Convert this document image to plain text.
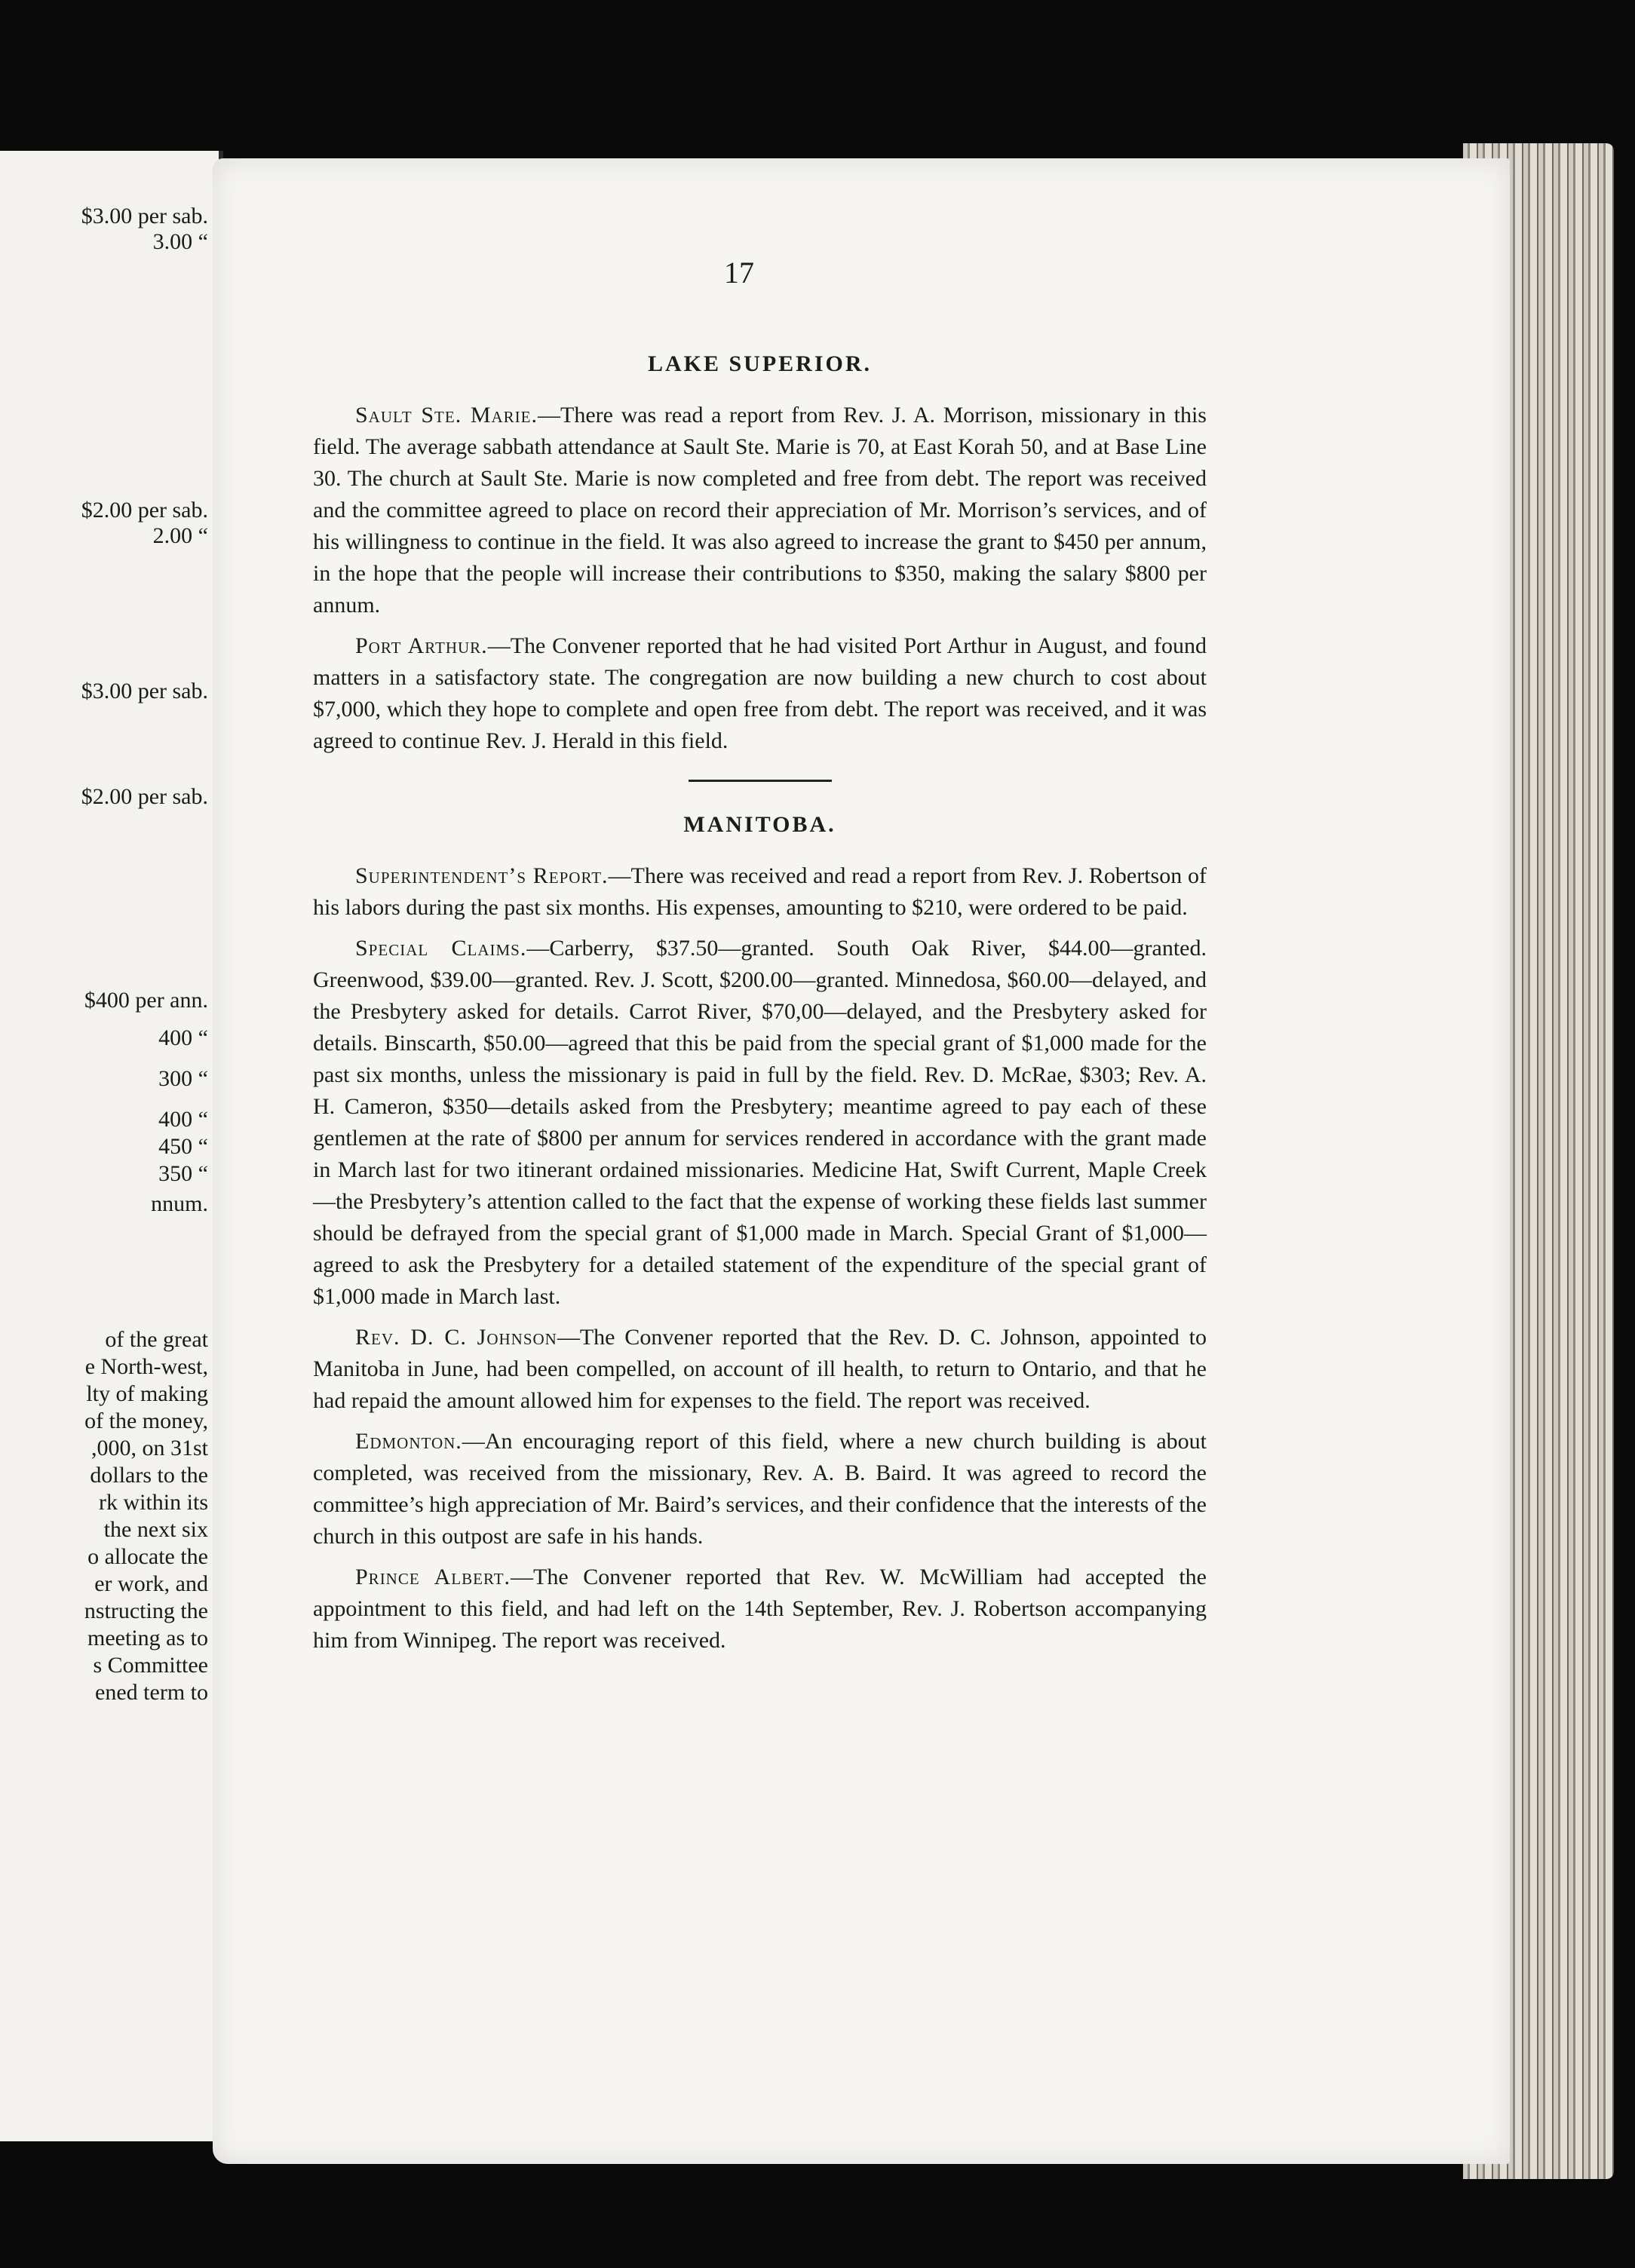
$3.00 per sab.
3.00 “
$2.00 per sab.
2.00 “
$3.00 per sab.
$2.00 per sab.
$400 per ann.
400 “
300 “
400 “
450 “
350 “
nnum.
of the great
e North-west,
lty of making
of the money,
,000, on 31st
dollars to the
rk within its
the next six
o allocate the
er work, and
nstructing the
meeting as to
s Committee
ened term to
17
LAKE SUPERIOR.

Sault Ste. Marie.—There was read a report from Rev. J. A. Morrison, missionary in this field. The average sabbath attendance at Sault Ste. Marie is 70, at East Korah 50, and at Base Line 30. The church at Sault Ste. Marie is now completed and free from debt. The report was received and the committee agreed to place on record their appreciation of Mr. Morrison’s services, and of his willingness to continue in the field. It was also agreed to increase the grant to $450 per annum, in the hope that the people will increase their contributions to $350, making the salary $800 per annum.

Port Arthur.—The Convener reported that he had visited Port Arthur in August, and found matters in a satisfactory state. The congregation are now building a new church to cost about $7,000, which they hope to complete and open free from debt. The report was received, and it was agreed to continue Rev. J. Herald in this field.

MANITOBA.

Superintendent’s Report.—There was received and read a report from Rev. J. Robertson of his labors during the past six months. His expenses, amounting to $210, were ordered to be paid.

Special Claims.—Carberry, $37.50—granted. South Oak River, $44.00—granted. Greenwood, $39.00—granted. Rev. J. Scott, $200.00—granted. Minnedosa, $60.00—delayed, and the Presbytery asked for details. Carrot River, $70,00—delayed, and the Presbytery asked for details. Binscarth, $50.00—agreed that this be paid from the special grant of $1,000 made for the past six months, unless the missionary is paid in full by the field. Rev. D. McRae, $303; Rev. A. H. Cameron, $350—details asked from the Presbytery; meantime agreed to pay each of these gentlemen at the rate of $800 per annum for services rendered in accordance with the grant made in March last for two itinerant ordained missionaries. Medicine Hat, Swift Current, Maple Creek—the Presbytery’s attention called to the fact that the expense of working these fields last summer should be defrayed from the special grant of $1,000 made in March. Special Grant of $1,000—agreed to ask the Presbytery for a detailed statement of the expenditure of the special grant of $1,000 made in March last.

Rev. D. C. Johnson—The Convener reported that the Rev. D. C. Johnson, appointed to Manitoba in June, had been compelled, on account of ill health, to return to Ontario, and that he had repaid the amount allowed him for expenses to the field. The report was received.

Edmonton.—An encouraging report of this field, where a new church building is about completed, was received from the missionary, Rev. A. B. Baird. It was agreed to record the committee’s high appreciation of Mr. Baird’s services, and their confidence that the interests of the church in this outpost are safe in his hands.

Prince Albert.—The Convener reported that Rev. W. McWilliam had accepted the appointment to this field, and had left on the 14th September, Rev. J. Robertson accompanying him from Winnipeg. The report was received.
